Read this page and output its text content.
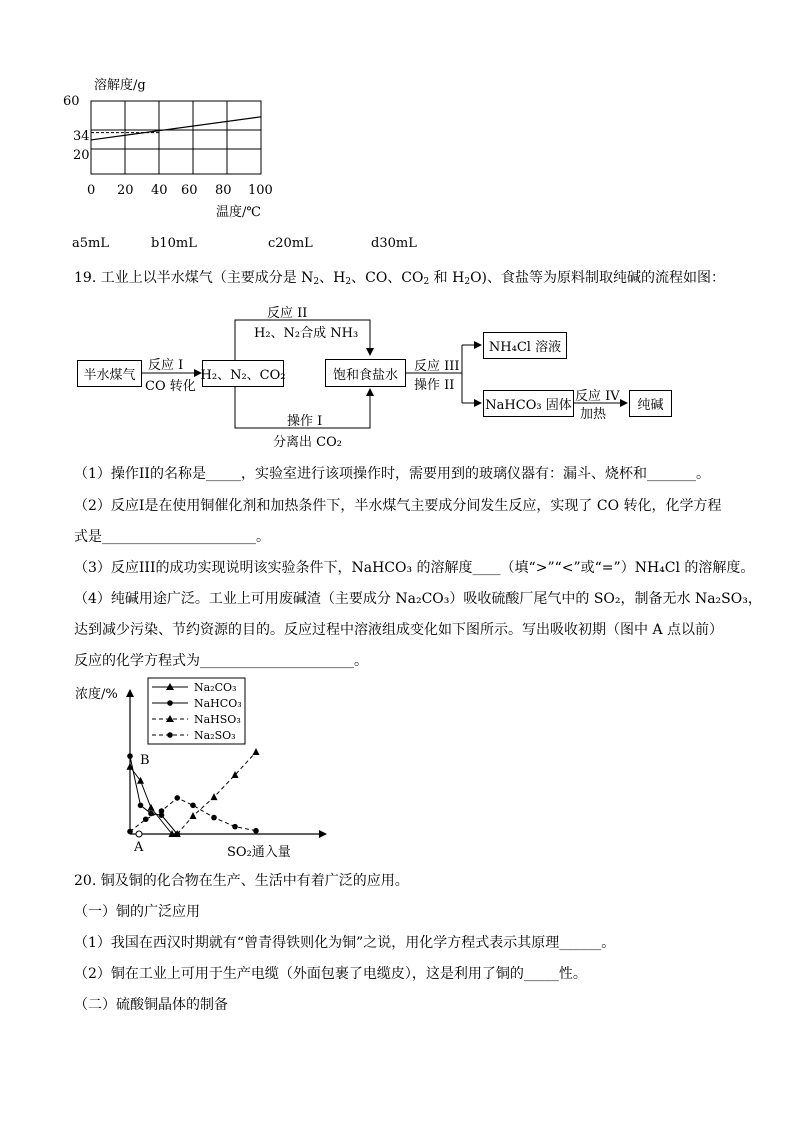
溶解度/g
60
34
20
0 20 40 60 80 100
温度/℃
a5mL	b10mL	c20mL	d30mL
19. 工业上以半水煤气（主要成分是 $N_2$、$H_2$、CO、$CO_2$ 和 $H_2O$)、食盐等为原料制取纯碱的流程如图：
半水煤气	H₂、N₂、CO₂	饱和食盐水
NH₄Cl 溶液
NaHCO₃ 固体	纯碱
反应 I
CO 转化
反应 II
H₂、N₂合成 NH₃
操作 I
分离出 CO₂
反应 III
操作 II
反应 IV
加热
（1）操作II的名称是_____，实验室进行该项操作时，需要用到的玻璃仪器有：漏斗、烧杯和_______。
（2）反应I是在使用铜催化剂和加热条件下，半水煤气主要成分间发生反应，实现了 CO 转化，化学方程
式是______________________。
（3）反应III的成功实现说明该实验条件下，NaHCO₃ 的溶解度____（填“>”“<”或“=”）NH₄Cl 的溶解度。
（4）纯碱用途广泛。工业上可用废碱渣（主要成分 Na₂CO₃）吸收硫酸厂尾气中的 SO₂，制备无水 Na₂SO₃，
达到减少污染、节约资源的目的。反应过程中溶液组成变化如下图所示。写出吸收初期（图中 A 点以前）
反应的化学方程式为______________________。
浓度/%	Na₂CO₃
NaHCO₃
NaHSO₃
Na₂SO₃
A
B
SO₂通入量
20. 铜及铜的化合物在生产、生活中有着广泛的应用。
（一）铜的广泛应用
（1）我国在西汉时期就有“曾青得铁则化为铜”之说，用化学方程式表示其原理______。
（2）铜在工业上可用于生产电缆（外面包裹了电缆皮），这是利用了铜的_____性。
（二）硫酸铜晶体的制备
